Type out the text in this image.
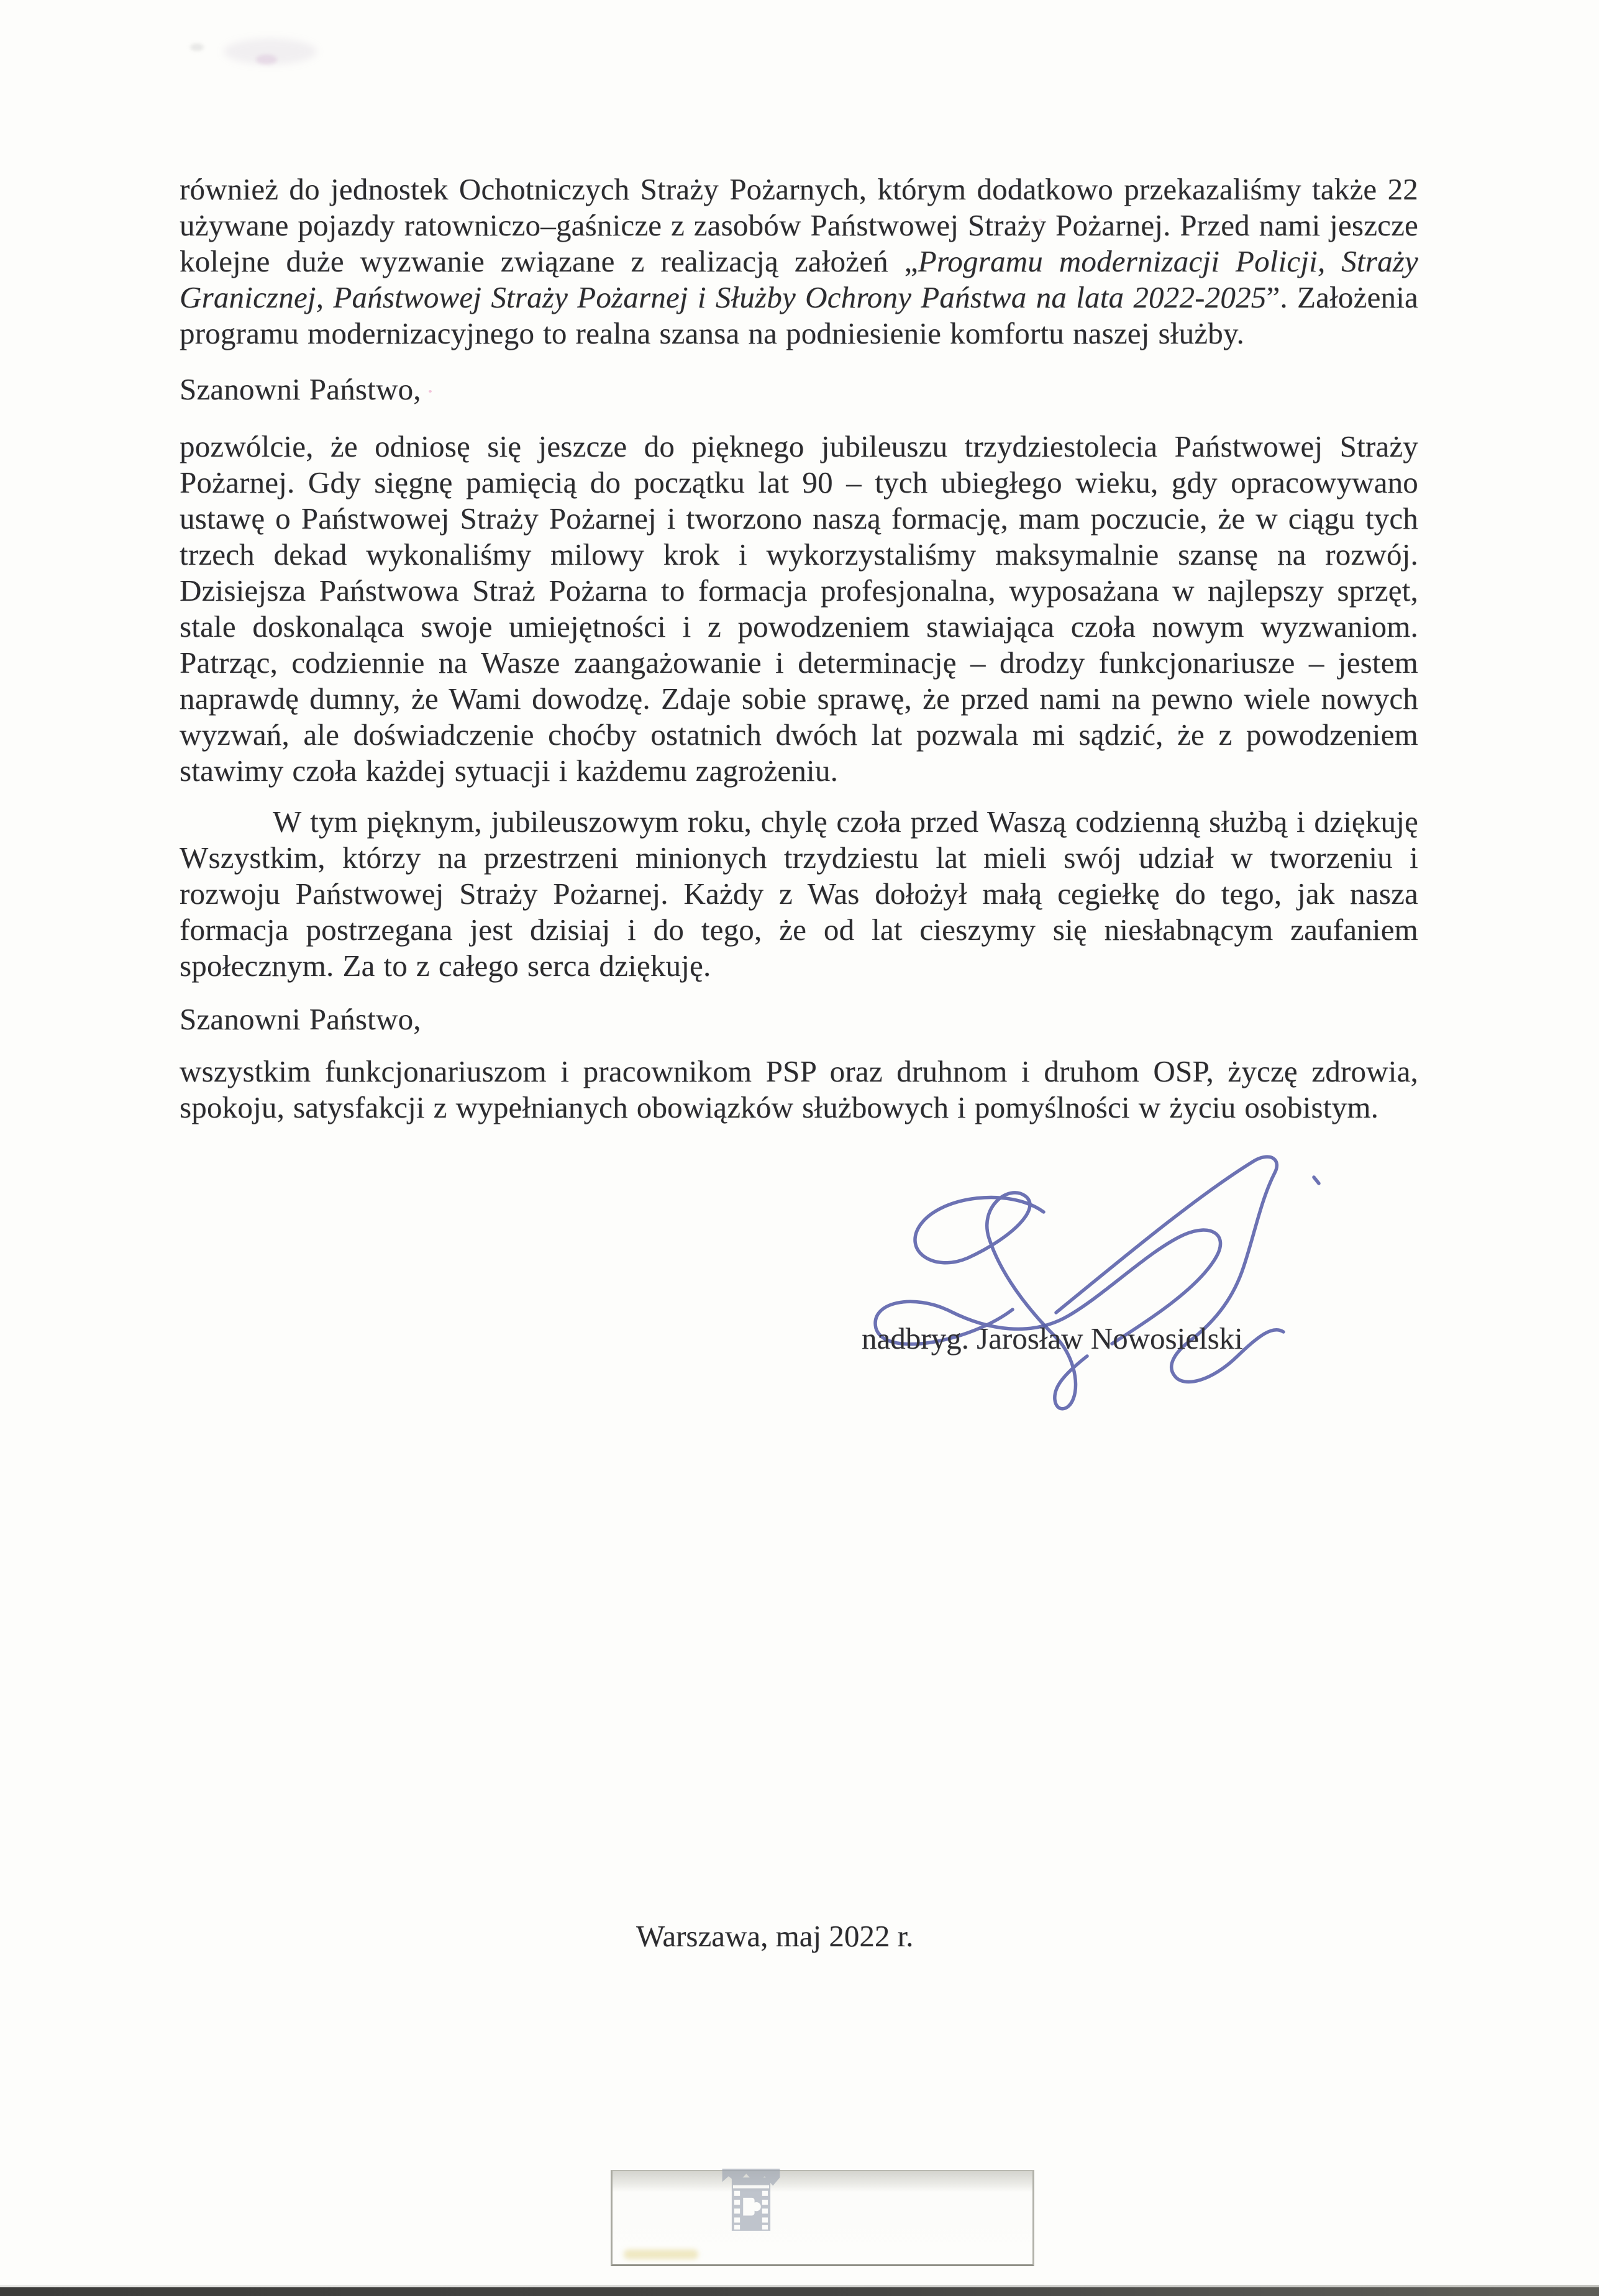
również do jednostek Ochotniczych Straży Pożarnych, którym dodatkowo przekazaliśmy także 22 używane pojazdy ratowniczo–gaśnicze z zasobów Państwowej Straży Pożarnej. Przed nami jeszcze kolejne duże wyzwanie związane z realizacją założeń „Programu modernizacji Policji, Straży Granicznej, Państwowej Straży Pożarnej i Służby Ochrony Państwa na lata 2022-2025”. Założenia programu modernizacyjnego to realna szansa na podniesienie komfortu naszej służby.

Szanowni Państwo,

pozwólcie, że odniosę się jeszcze do pięknego jubileuszu trzydziestolecia Państwowej Straży Pożarnej. Gdy sięgnę pamięcią do początku lat 90 – tych ubiegłego wieku, gdy opracowywano ustawę o Państwowej Straży Pożarnej i tworzono naszą formację, mam poczucie, że w ciągu tych trzech dekad wykonaliśmy milowy krok i wykorzystaliśmy maksymalnie szansę na rozwój. Dzisiejsza Państwowa Straż Pożarna to formacja profesjonalna, wyposażana w najlepszy sprzęt, stale doskonaląca swoje umiejętności i z powodzeniem stawiająca czoła nowym wyzwaniom. Patrząc, codziennie na Wasze zaangażowanie i determinację – drodzy funkcjonariusze – jestem naprawdę dumny, że Wami dowodzę. Zdaje sobie sprawę, że przed nami na pewno wiele nowych wyzwań, ale doświadczenie choćby ostatnich dwóch lat pozwala mi sądzić, że z powodzeniem stawimy czoła każdej sytuacji i każdemu zagrożeniu.

W tym pięknym, jubileuszowym roku, chylę czoła przed Waszą codzienną służbą i dziękuję Wszystkim, którzy na przestrzeni minionych trzydziestu lat mieli swój udział w tworzeniu i rozwoju Państwowej Straży Pożarnej. Każdy z Was dołożył małą cegiełkę do tego, jak nasza formacja postrzegana jest dzisiaj i do tego, że od lat cieszymy się niesłabnącym zaufaniem społecznym. Za to z całego serca dziękuję.

Szanowni Państwo,

wszystkim funkcjonariuszom i pracownikom PSP oraz druhnom i druhom OSP, życzę zdrowia, spokoju, satysfakcji z wypełnianych obowiązków służbowych i pomyślności w życiu osobistym.

nadbryg. Jarosław Nowosielski
Warszawa, maj 2022 r.
